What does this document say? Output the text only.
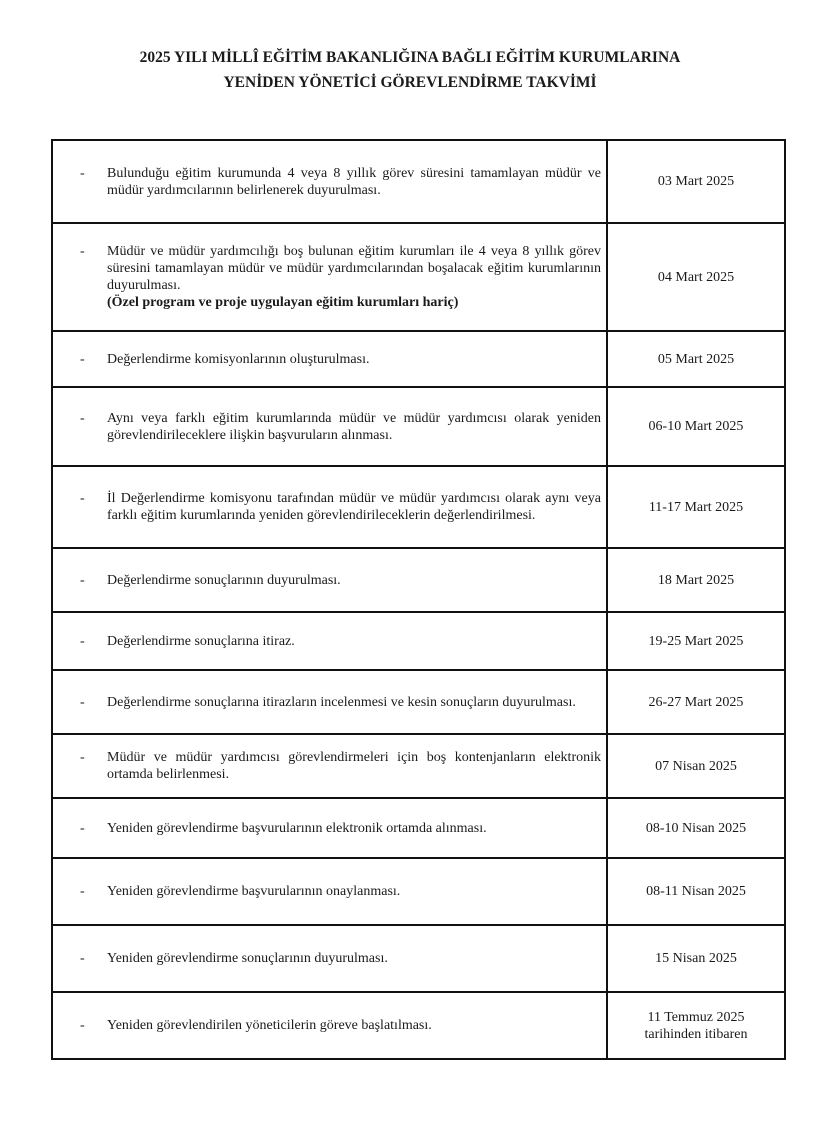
2025 YILI MİLLÎ EĞİTİM BAKANLIĞINA BAĞLI EĞİTİM KURUMLARINA
YENİDEN YÖNETİCİ GÖREVLENDİRME TAKVİMİ
- Bulunduğu eğitim kurumunda 4 veya 8 yıllık görev süresini tamamlayan müdür ve müdür yardımcılarının belirlenerek duyurulması.	03 Mart 2025

- Müdür ve müdür yardımcılığı boş bulunan eğitim kurumları ile 4 veya 8 yıllık görev süresini tamamlayan müdür ve müdür yardımcılarından boşalacak eğitim kurumlarının duyurulması.
(Özel program ve proje uygulayan eğitim kurumları hariç)	04 Mart 2025

- Değerlendirme komisyonlarının oluşturulması.	05 Mart 2025

- Aynı veya farklı eğitim kurumlarında müdür ve müdür yardımcısı olarak yeniden görevlendirileceklere ilişkin başvuruların alınması.	06-10 Mart 2025

- İl Değerlendirme komisyonu tarafından müdür ve müdür yardımcısı olarak aynı veya farklı eğitim kurumlarında yeniden görevlendirileceklerin değerlendirilmesi.	11-17 Mart 2025

- Değerlendirme sonuçlarının duyurulması.	18 Mart 2025

- Değerlendirme sonuçlarına itiraz.	19-25 Mart 2025

- Değerlendirme sonuçlarına itirazların incelenmesi ve kesin sonuçların duyurulması.	26-27 Mart 2025

- Müdür ve müdür yardımcısı görevlendirmeleri için boş kontenjanların elektronik ortamda belirlenmesi.	07 Nisan 2025

- Yeniden görevlendirme başvurularının elektronik ortamda alınması.	08-10 Nisan 2025

- Yeniden görevlendirme başvurularının onaylanması.	08-11 Nisan 2025

- Yeniden görevlendirme sonuçlarının duyurulması.	15 Nisan 2025

- Yeniden görevlendirilen yöneticilerin göreve başlatılması.	11 Temmuz 2025
tarihinden itibaren
